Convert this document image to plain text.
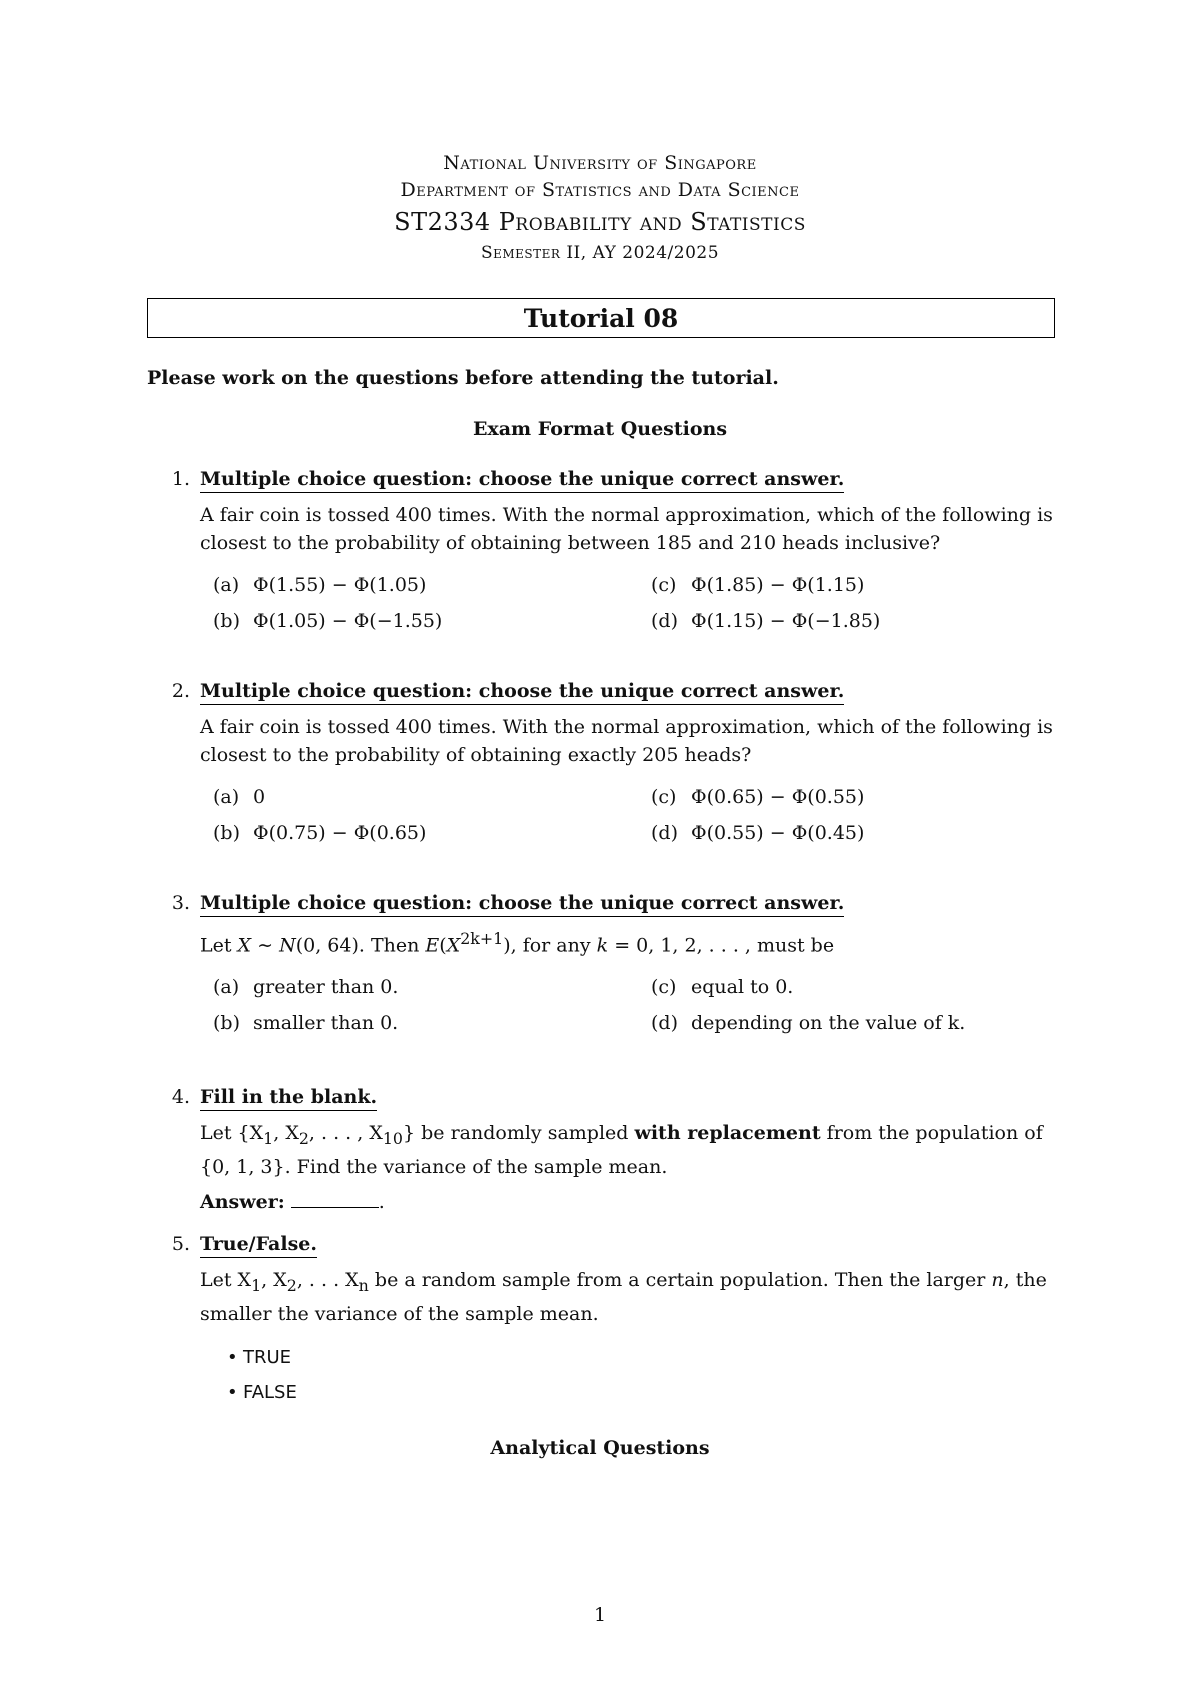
National University of Singapore
Department of Statistics and Data Science
ST2334 Probability and Statistics
Semester II, AY 2024/2025
Tutorial 08
Please work on the questions before attending the tutorial.
Exam Format Questions
1. Multiple choice question: choose the unique correct answer.
A fair coin is tossed 400 times. With the normal approximation, which of the following is closest to the probability of obtaining between 185 and 210 heads inclusive?
(a) Φ(1.55) − Φ(1.05)	(c) Φ(1.85) − Φ(1.15)
(b) Φ(1.05) − Φ(−1.55)	(d) Φ(1.15) − Φ(−1.85)
2. Multiple choice question: choose the unique correct answer.
A fair coin is tossed 400 times. With the normal approximation, which of the following is closest to the probability of obtaining exactly 205 heads?
(a) 0	(c) Φ(0.65) − Φ(0.55)
(b) Φ(0.75) − Φ(0.65)	(d) Φ(0.55) − Φ(0.45)
3. Multiple choice question: choose the unique correct answer.
Let X ∼ N(0, 64). Then $E(X^{2k+1})$, for any k = 0, 1, 2, . . . , must be
(a) greater than 0.	(c) equal to 0.
(b) smaller than 0.	(d) depending on the value of k.
4. Fill in the blank.
Let {$X_1$, $X_2$, . . . , $X_{10}$} be randomly sampled with replacement from the population of {0, 1, 3}. Find the variance of the sample mean.
Answer:	.
5. True/False.
Let $X_1$, $X_2$, . . . $X_n$ be a random sample from a certain population. Then the larger n, the smaller the variance of the sample mean.
• TRUE
• FALSE
Analytical Questions
1
